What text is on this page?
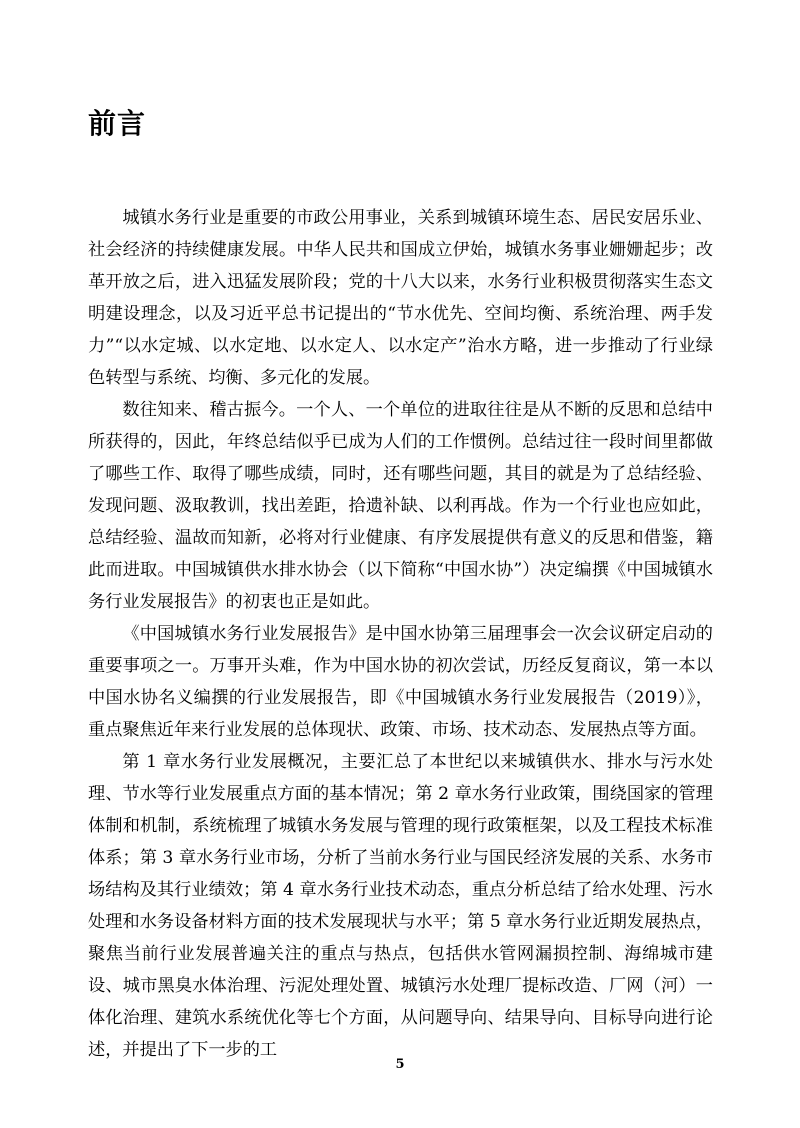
前言

城镇水务行业是重要的市政公用事业，关系到城镇环境生态、居民安居乐业、社会经济的持续健康发展。中华人民共和国成立伊始，城镇水务事业姗姗起步；改革开放之后，进入迅猛发展阶段；党的十八大以来，水务行业积极贯彻落实生态文明建设理念，以及习近平总书记提出的“节水优先、空间均衡、系统治理、两手发力”“以水定城、以水定地、以水定人、以水定产”治水方略，进一步推动了行业绿色转型与系统、均衡、多元化的发展。

数往知来、稽古振今。一个人、一个单位的进取往往是从不断的反思和总结中所获得的，因此，年终总结似乎已成为人们的工作惯例。总结过往一段时间里都做了哪些工作、取得了哪些成绩，同时，还有哪些问题，其目的就是为了总结经验、发现问题、汲取教训，找出差距，拾遗补缺、以利再战。作为一个行业也应如此，总结经验、温故而知新，必将对行业健康、有序发展提供有意义的反思和借鉴，籍此而进取。中国城镇供水排水协会（以下简称“中国水协”）决定编撰《中国城镇水务行业发展报告》的初衷也正是如此。

《中国城镇水务行业发展报告》是中国水协第三届理事会一次会议研定启动的重要事项之一。万事开头难，作为中国水协的初次尝试，历经反复商议，第一本以中国水协名义编撰的行业发展报告，即《中国城镇水务行业发展报告（2019）》，重点聚焦近年来行业发展的总体现状、政策、市场、技术动态、发展热点等方面。

第 1 章水务行业发展概况，主要汇总了本世纪以来城镇供水、排水与污水处理、节水等行业发展重点方面的基本情况；第 2 章水务行业政策，围绕国家的管理体制和机制，系统梳理了城镇水务发展与管理的现行政策框架，以及工程技术标准体系；第 3 章水务行业市场，分析了当前水务行业与国民经济发展的关系、水务市场结构及其行业绩效；第 4 章水务行业技术动态，重点分析总结了给水处理、污水处理和水务设备材料方面的技术发展现状与水平；第 5 章水务行业近期发展热点，聚焦当前行业发展普遍关注的重点与热点，包括供水管网漏损控制、海绵城市建设、城市黑臭水体治理、污泥处理处置、城镇污水处理厂提标改造、厂网（河）一体化治理、建筑水系统优化等七个方面，从问题导向、结果导向、目标导向进行论述，并提出了下一步的工

5
